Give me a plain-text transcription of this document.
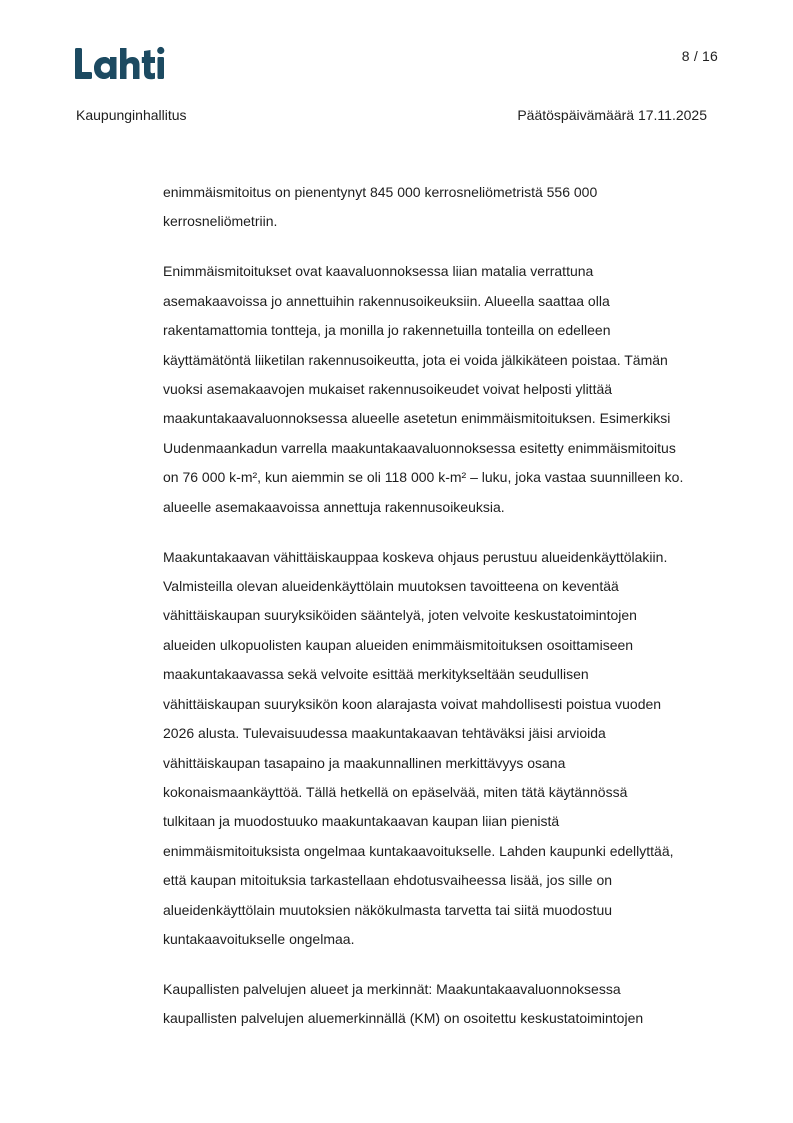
8 / 16
Kaupunginhallitus	Päätöspäivämäärä 17.11.2025

enimmäismitoitus on pienentynyt 845 000 kerrosneliömetristä 556 000
kerrosneliömetriin.

Enimmäismitoitukset ovat kaavaluonnoksessa liian matalia verrattuna
asemakaavoissa jo annettuihin rakennusoikeuksiin. Alueella saattaa olla
rakentamattomia tontteja, ja monilla jo rakennetuilla tonteilla on edelleen
käyttämätöntä liiketilan rakennusoikeutta, jota ei voida jälkikäteen poistaa. Tämän
vuoksi asemakaavojen mukaiset rakennusoikeudet voivat helposti ylittää
maakuntakaavaluonnoksessa alueelle asetetun enimmäismitoituksen. Esimerkiksi
Uudenmaankadun varrella maakuntakaavaluonnoksessa esitetty enimmäismitoitus
on 76 000 k-m², kun aiemmin se oli 118 000 k-m² – luku, joka vastaa suunnilleen ko.
alueelle asemakaavoissa annettuja rakennusoikeuksia.

Maakuntakaavan vähittäiskauppaa koskeva ohjaus perustuu alueidenkäyttölakiin.
Valmisteilla olevan alueidenkäyttölain muutoksen tavoitteena on keventää
vähittäiskaupan suuryksiköiden sääntelyä, joten velvoite keskustatoimintojen
alueiden ulkopuolisten kaupan alueiden enimmäismitoituksen osoittamiseen
maakuntakaavassa sekä velvoite esittää merkitykseltään seudullisen
vähittäiskaupan suuryksikön koon alarajasta voivat mahdollisesti poistua vuoden
2026 alusta. Tulevaisuudessa maakuntakaavan tehtäväksi jäisi arvioida
vähittäiskaupan tasapaino ja maakunnallinen merkittävyys osana
kokonaismaankäyttöä. Tällä hetkellä on epäselvää, miten tätä käytännössä
tulkitaan ja muodostuuko maakuntakaavan kaupan liian pienistä
enimmäismitoituksista ongelmaa kuntakaavoitukselle. Lahden kaupunki edellyttää,
että kaupan mitoituksia tarkastellaan ehdotusvaiheessa lisää, jos sille on
alueidenkäyttölain muutoksien näkökulmasta tarvetta tai siitä muodostuu
kuntakaavoitukselle ongelmaa.

Kaupallisten palvelujen alueet ja merkinnät: Maakuntakaavaluonnoksessa
kaupallisten palvelujen aluemerkinnällä (KM) on osoitettu keskustatoimintojen
